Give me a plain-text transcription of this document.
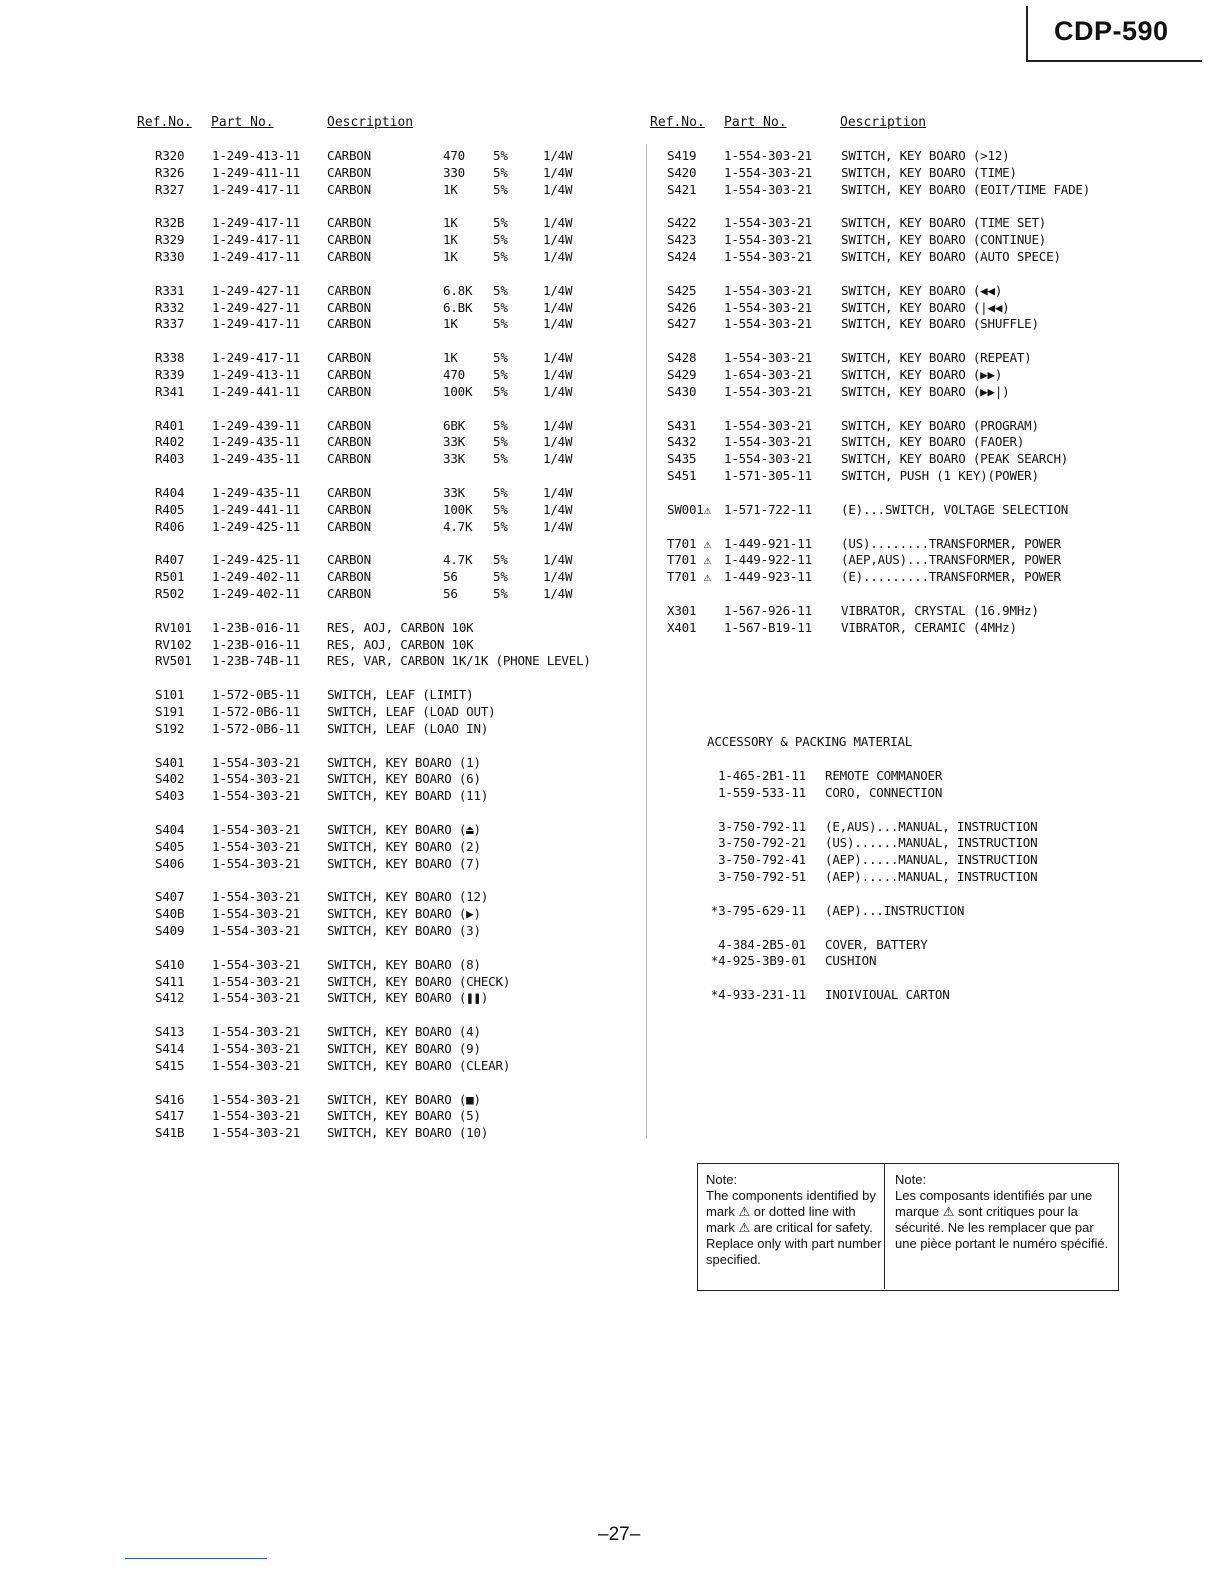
CDP-590
Ref.No. Part No.	Oescription	Ref.No. Part No.	Oescription
R320 1-249-413-11 CARBON	470 5%	1/4W
R326 1-249-411-11 CARBON	330 5%	1/4W
R327 1-249-417-11 CARBON	1K	5%	1/4W
R32B 1-249-417-11 CARBON	1K	5%	1/4W
R329 1-249-417-11 CARBON	1K	5%	1/4W
R330 1-249-417-11 CARBON	1K	5%	1/4W
R331 1-249-427-11 CARBON	6.8K 5%	1/4W
R332 1-249-427-11 CARBON	6.BK 5%	1/4W
R337 1-249-417-11 CARBON	1K	5%	1/4W
R338 1-249-417-11 CARBON	1K	5%	1/4W
R339 1-249-413-11 CARBON	470 5%	1/4W
R341 1-249-441-11 CARBON	100K 5%	1/4W
R401 1-249-439-11 CARBON	6BK 5%	1/4W
R402 1-249-435-11 CARBON	33K 5%	1/4W
R403 1-249-435-11 CARBON	33K 5%	1/4W
R404 1-249-435-11 CARBON	33K 5%	1/4W
R405 1-249-441-11 CARBON	100K 5%	1/4W
R406 1-249-425-11 CARBON	4.7K 5%	1/4W
R407 1-249-425-11 CARBON	4.7K 5%	1/4W
R501 1-249-402-11 CARBON	56	5%	1/4W
R502 1-249-402-11 CARBON	56	5%	1/4W
RV101 1-23B-016-11 RES, AOJ, CARBON 10K
RV102 1-23B-016-11 RES, AOJ, CARBON 10K
RV501 1-23B-74B-11 RES, VAR, CARBON 1K/1K (PHONE LEVEL)
S101 1-572-0B5-11 SWITCH, LEAF (LIMIT)
S191 1-572-0B6-11 SWITCH, LEAF (LOAD OUT)
S192 1-572-0B6-11 SWITCH, LEAF (LOAO IN)
S401 1-554-303-21 SWITCH, KEY BOARO (1)
S402 1-554-303-21 SWITCH, KEY BOARO (6)
S403 1-554-303-21 SWITCH, KEY BOARD (11)
S404 1-554-303-21 SWITCH, KEY BOARO (⏏)
S405 1-554-303-21 SWITCH, KEY BOARO (2)
S406 1-554-303-21 SWITCH, KEY BOARO (7)
S407 1-554-303-21 SWITCH, KEY BOARO (12)
S40B 1-554-303-21 SWITCH, KEY BOARO (▶)
S409 1-554-303-21 SWITCH, KEY BOARO (3)
S410 1-554-303-21 SWITCH, KEY BOARO (8)
S411 1-554-303-21 SWITCH, KEY BOARO (CHECK)
S412 1-554-303-21 SWITCH, KEY BOARO (❚❚)
S413 1-554-303-21 SWITCH, KEY BOARO (4)
S414 1-554-303-21 SWITCH, KEY BOARO (9)
S415 1-554-303-21 SWITCH, KEY BOARO (CLEAR)
S416 1-554-303-21 SWITCH, KEY BOARO (■)
S417 1-554-303-21 SWITCH, KEY BOARO (5)
S41B 1-554-303-21 SWITCH, KEY BOARO (10)
S419 1-554-303-21 SWITCH, KEY BOARO (>12)
S420 1-554-303-21 SWITCH, KEY BOARO (TIME)
S421 1-554-303-21 SWITCH, KEY BOARO (EOIT/TIME FADE)
S422 1-554-303-21 SWITCH, KEY BOARO (TIME SET)
S423 1-554-303-21 SWITCH, KEY BOARO (CONTINUE)
S424 1-554-303-21 SWITCH, KEY BOARO (AUTO SPECE)
S425 1-554-303-21 SWITCH, KEY BOARO (◀◀)
S426 1-554-303-21 SWITCH, KEY BOARO (|◀◀)
S427 1-554-303-21 SWITCH, KEY BOARO (SHUFFLE)
S428 1-554-303-21 SWITCH, KEY BOARO (REPEAT)
S429 1-654-303-21 SWITCH, KEY BOARO (▶▶)
S430 1-554-303-21 SWITCH, KEY BOARO (▶▶|)
S431 1-554-303-21 SWITCH, KEY BOARO (PROGRAM)
S432 1-554-303-21 SWITCH, KEY BOARO (FAOER)
S435 1-554-303-21 SWITCH, KEY BOARO (PEAK SEARCH)
S451 1-571-305-11 SWITCH, PUSH (1 KEY)(POWER)
SW001⚠ 1-571-722-11 (E)...SWITCH, VOLTAGE SELECTION
T701 ⚠ 1-449-921-11 (US)........TRANSFORMER, POWER
T701 ⚠ 1-449-922-11 (AEP,AUS)...TRANSFORMER, POWER
T701 ⚠ 1-449-923-11 (E).........TRANSFORMER, POWER
X301 1-567-926-11 VIBRATOR, CRYSTAL (16.9MHz)
X401 1-567-B19-11 VIBRATOR, CERAMIC (4MHz)
ACCESSORY & PACKING MATERIAL
1-465-2B1-11 REMOTE COMMANOER
1-559-533-11 CORO, CONNECTION
3-750-792-11 (E,AUS)...MANUAL, INSTRUCTION
3-750-792-21 (US)......MANUAL, INSTRUCTION
3-750-792-41 (AEP).....MANUAL, INSTRUCTION
3-750-792-51 (AEP).....MANUAL, INSTRUCTION
*3-795-629-11 (AEP)...INSTRUCTION
4-384-2B5-01 COVER, BATTERY
*4-925-3B9-01 CUSHION
*4-933-231-11 INOIVIOUAL CARTON
Note:
The components identified by mark ⚠ or dotted line with mark ⚠ are critical for safety. Replace only with part number specified.
Note:
Les composants identifiés par une marque ⚠ sont critiques pour la sécurité. Ne les remplacer que par une pièce portant le numéro spécifié.
–27–
